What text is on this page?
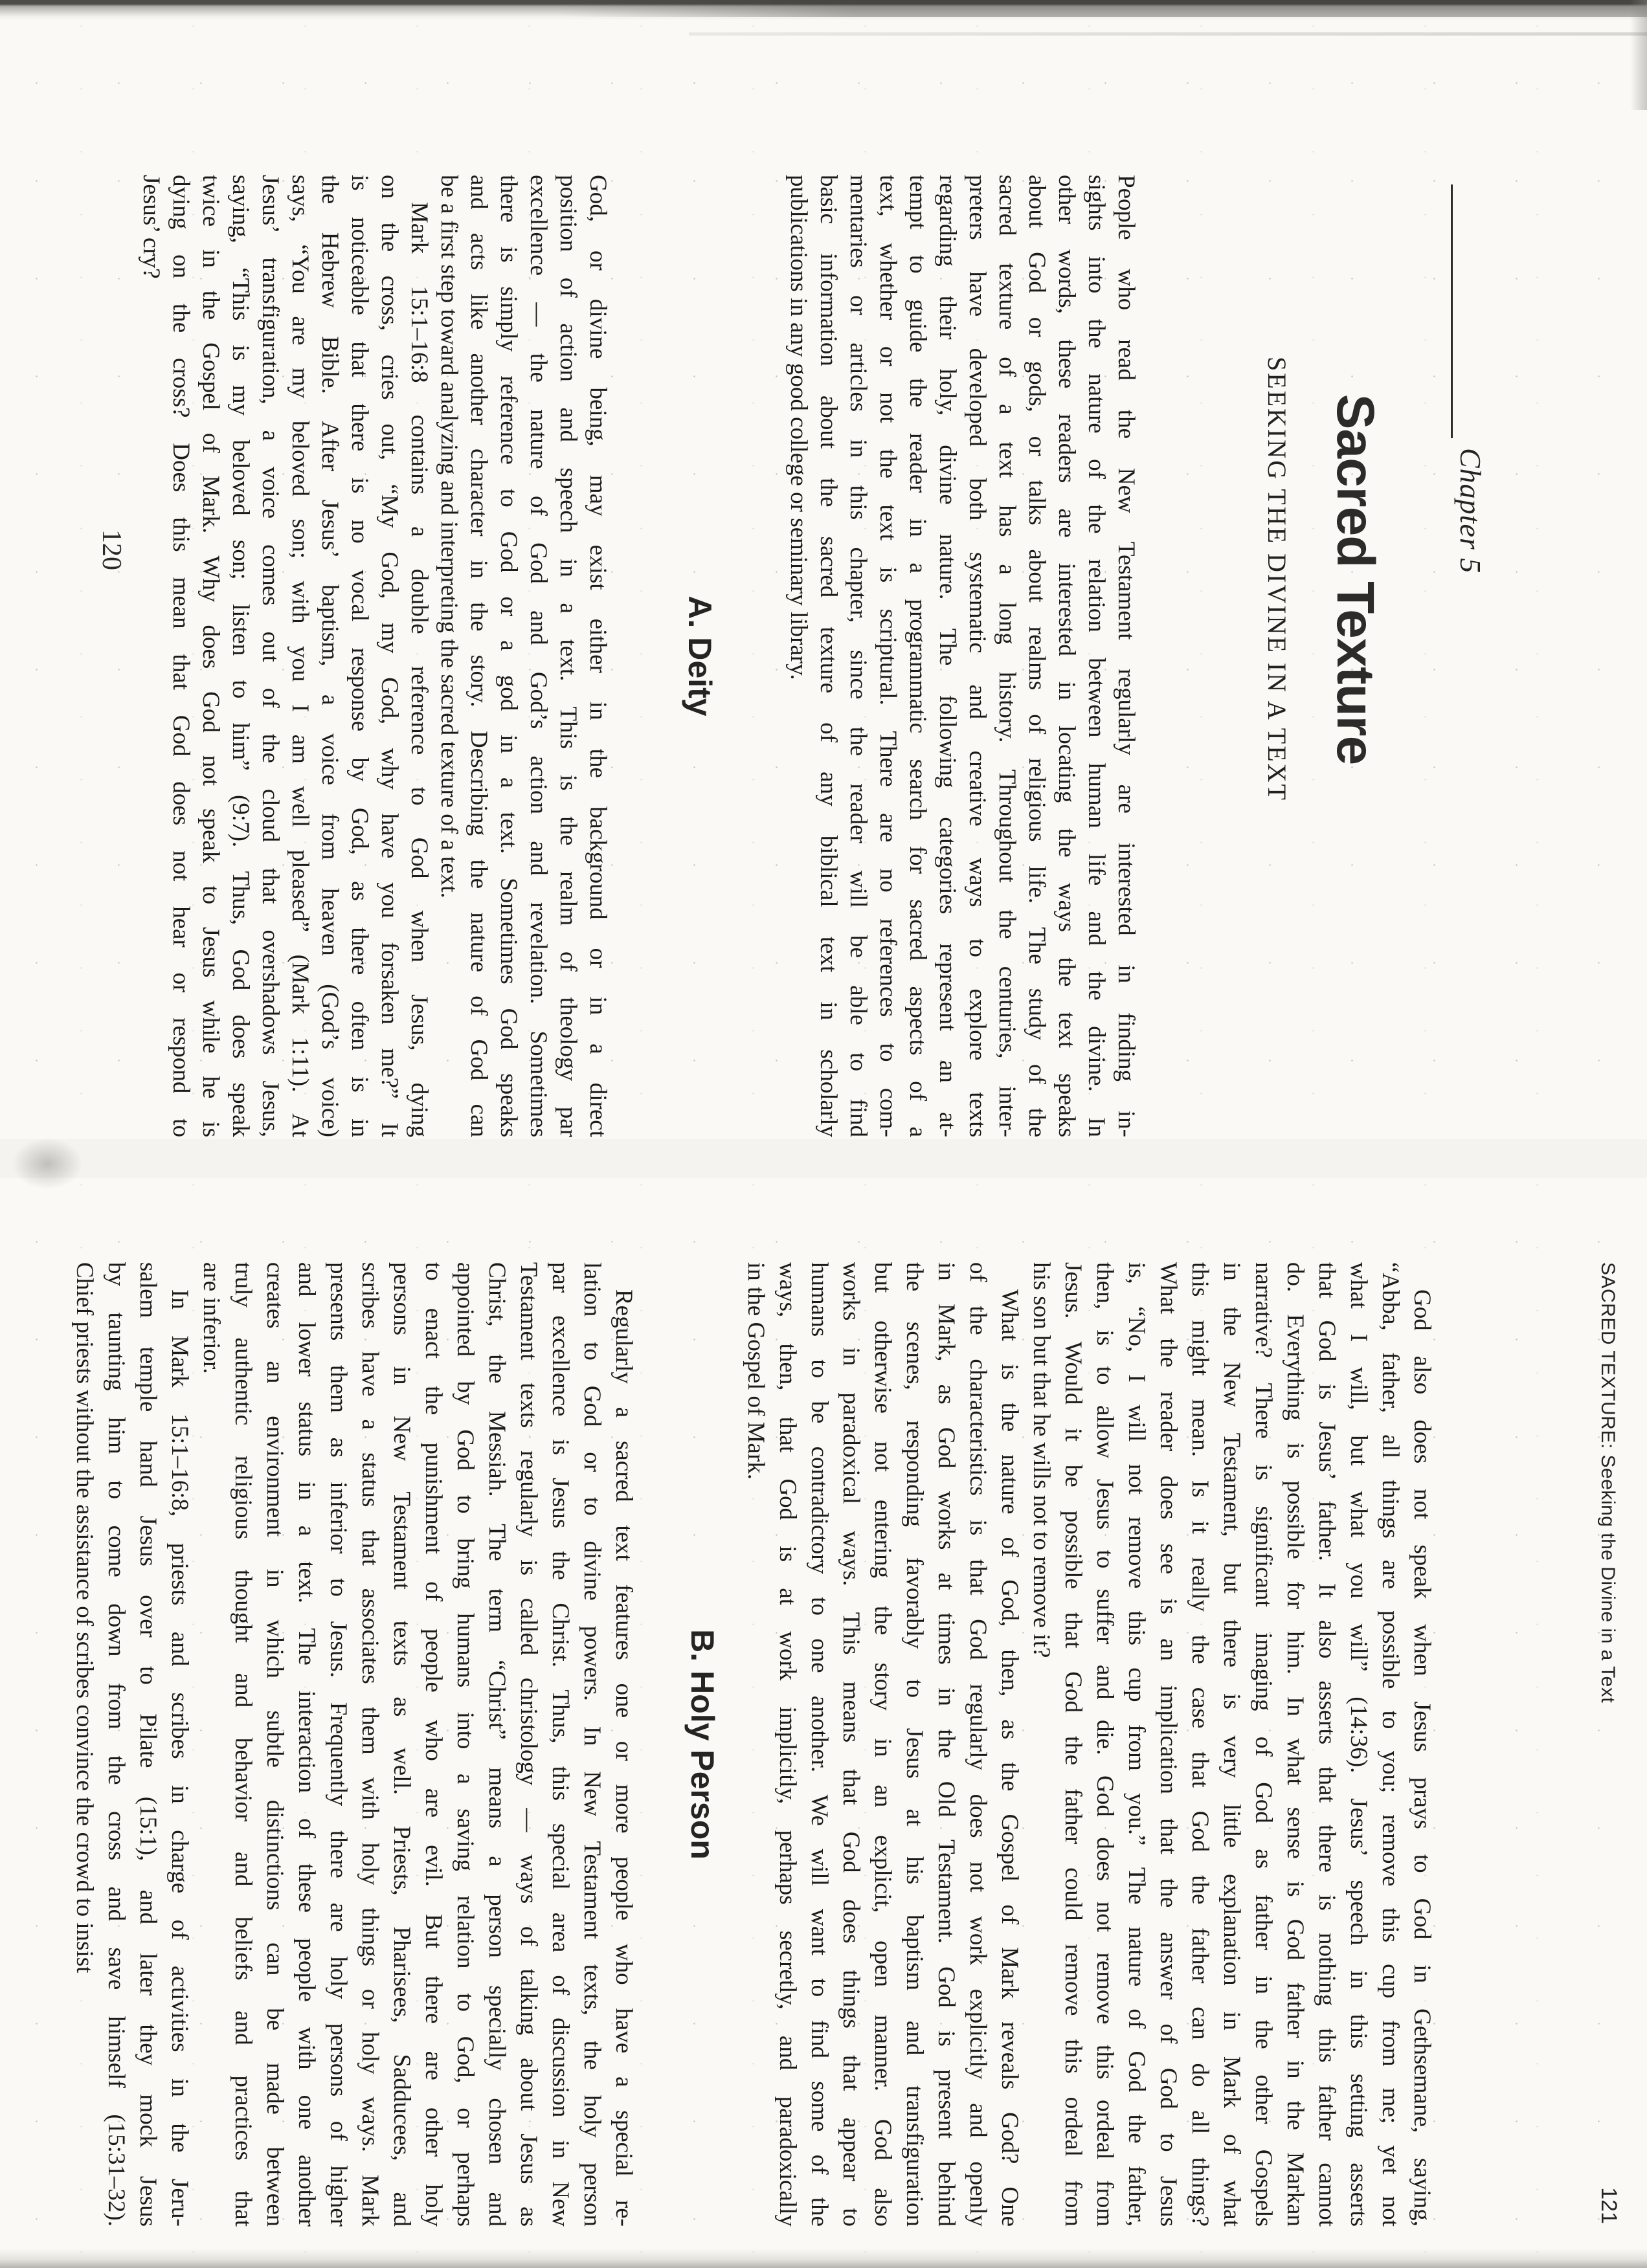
Chapter 5
Sacred Texture
SEEKING THE DIVINE IN A TEXT
People who read the New Testament regularly are interested in finding in-
sights into the nature of the relation between human life and the divine. In
other words, these readers are interested in locating the ways the text speaks
about God or gods, or talks about realms of religious life. The study of the
sacred texture of a text has a long history. Throughout the centuries, inter-
preters have developed both systematic and creative ways to explore texts
regarding their holy, divine nature. The following categories represent an at-
tempt to guide the reader in a programmatic search for sacred aspects of a
text, whether or not the text is scriptural. There are no references to com-
mentaries or articles in this chapter, since the reader will be able to find
basic information about the sacred texture of any biblical text in scholarly
publications in any good college or seminary library.
A. Deity
God, or divine being, may exist either in the background or in a direct
position of action and speech in a text. This is the realm of theology par
excellence — the nature of God and God’s action and revelation. Sometimes
there is simply reference to God or a god in a text. Sometimes God speaks
and acts like another character in the story. Describing the nature of God can
be a first step toward analyzing and interpreting the sacred texture of a text.
Mark 15:1–16:8 contains a double reference to God when Jesus, dying
on the cross, cries out, “My God, my God, why have you forsaken me?” It
is noticeable that there is no vocal response by God, as there often is in
the Hebrew Bible. After Jesus’ baptism, a voice from heaven (God’s voice)
says, “You are my beloved son; with you I am well pleased” (Mark 1:11). At
Jesus’ transfiguration, a voice comes out of the cloud that overshadows Jesus,
saying, “This is my beloved son; listen to him” (9:7). Thus, God does speak
twice in the Gospel of Mark. Why does God not speak to Jesus while he is
dying on the cross? Does this mean that God does not hear or respond to
Jesus’ cry?
120
SACRED TEXTURE: Seeking the Divine in a Text
121
God also does not speak when Jesus prays to God in Gethsemane, saying,
“Abba, father, all things are possible to you; remove this cup from me; yet not
what I will, but what you will” (14:36). Jesus’ speech in this setting asserts
that God is Jesus’ father. It also asserts that there is nothing this father cannot
do. Everything is possible for him. In what sense is God father in the Markan
narrative? There is significant imaging of God as father in the other Gospels
in the New Testament, but there is very little explanation in Mark of what
this might mean. Is it really the case that God the father can do all things?
What the reader does see is an implication that the answer of God to Jesus
is, “No, I will not remove this cup from you.” The nature of God the father,
then, is to allow Jesus to suffer and die. God does not remove this ordeal from
Jesus. Would it be possible that God the father could remove this ordeal from
his son but that he wills not to remove it?
What is the nature of God, then, as the Gospel of Mark reveals God? One
of the characteristics is that God regularly does not work explicitly and openly
in Mark, as God works at times in the Old Testament. God is present behind
the scenes, responding favorably to Jesus at his baptism and transfiguration
but otherwise not entering the story in an explicit, open manner. God also
works in paradoxical ways. This means that God does things that appear to
humans to be contradictory to one another. We will want to find some of the
ways, then, that God is at work implicitly, perhaps secretly, and paradoxically
in the Gospel of Mark.
B. Holy Person
Regularly a sacred text features one or more people who have a special re-
lation to God or to divine powers. In New Testament texts, the holy person
par excellence is Jesus the Christ. Thus, this special area of discussion in New
Testament texts regularly is called christology — ways of talking about Jesus as
Christ, the Messiah. The term “Christ” means a person specially chosen and
appointed by God to bring humans into a saving relation to God, or perhaps
to enact the punishment of people who are evil. But there are other holy
persons in New Testament texts as well. Priests, Pharisees, Sadducees, and
scribes have a status that associates them with holy things or holy ways. Mark
presents them as inferior to Jesus. Frequently there are holy persons of higher
and lower status in a text. The interaction of these people with one another
creates an environment in which subtle distinctions can be made between
truly authentic religious thought and behavior and beliefs and practices that
are inferior.
In Mark 15:1–16:8, priests and scribes in charge of activities in the Jeru-
salem temple hand Jesus over to Pilate (15:1), and later they mock Jesus
by taunting him to come down from the cross and save himself (15:31–32).
Chief priests without the assistance of scribes convince the crowd to insist
